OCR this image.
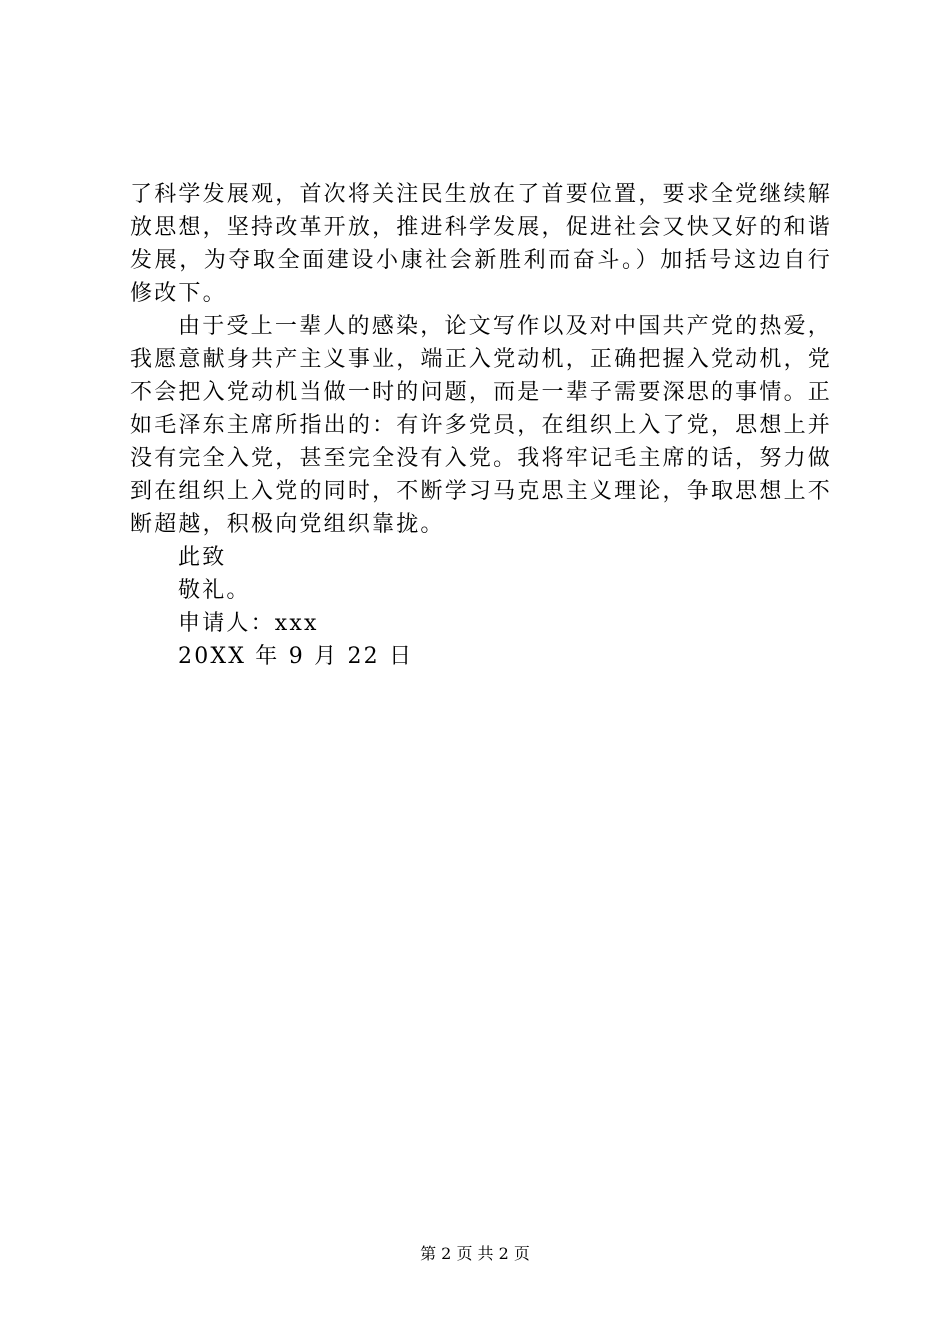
了科学发展观，首次将关注民生放在了首要位置，要求全党继续解放思想，坚持改革开放，推进科学发展，促进社会又快又好的和谐发展，为夺取全面建设小康社会新胜利而奋斗。）加括号这边自行修改下。

由于受上一辈人的感染，论文写作以及对中国共产党的热爱，我愿意献身共产主义事业，端正入党动机，正确把握入党动机，党不会把入党动机当做一时的问题，而是一辈子需要深思的事情。正如毛泽东主席所指出的：有许多党员，在组织上入了党，思想上并没有完全入党，甚至完全没有入党。我将牢记毛主席的话，努力做到在组织上入党的同时，不断学习马克思主义理论，争取思想上不断超越，积极向党组织靠拢。

此致

敬礼。

申请人：xxx

20XX 年 9 月 22 日

第 2 页 共 2 页
